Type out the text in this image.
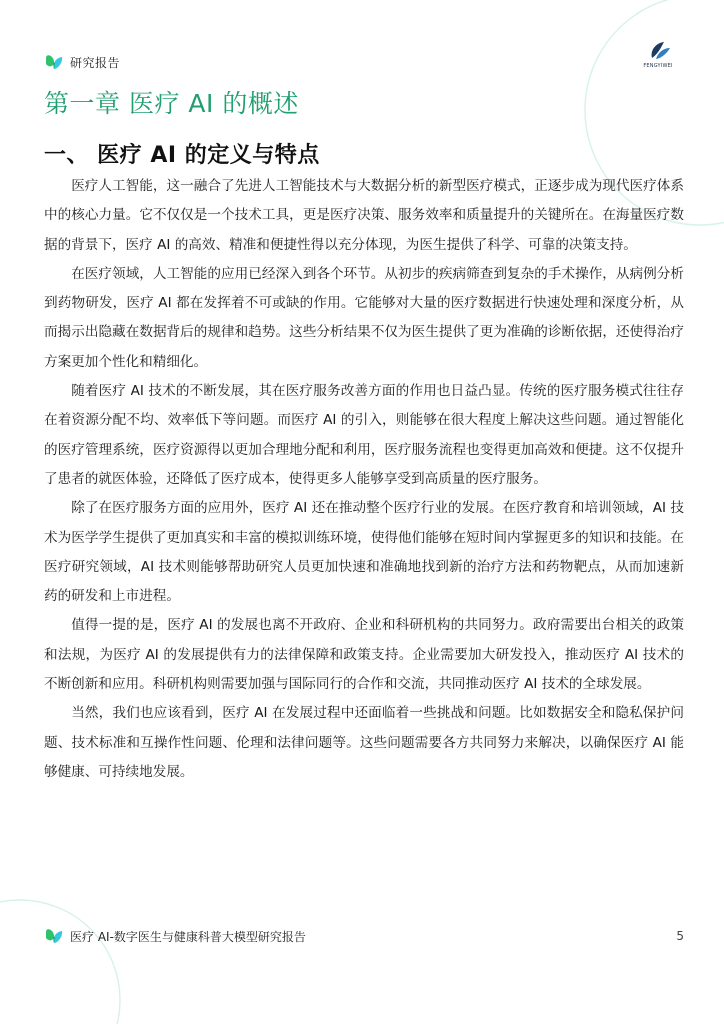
研究报告	FENGYIWEI
第一章 医疗 AI 的概述
一、 医疗 AI 的定义与特点

医疗人工智能，这一融合了先进人工智能技术与大数据分析的新型医疗模式，正逐步成为现代医疗体系中的核心力量。它不仅仅是一个技术工具，更是医疗决策、服务效率和质量提升的关键所在。在海量医疗数据的背景下，医疗 AI 的高效、精准和便捷性得以充分体现，为医生提供了科学、可靠的决策支持。

在医疗领域，人工智能的应用已经深入到各个环节。从初步的疾病筛查到复杂的手术操作，从病例分析到药物研发，医疗 AI 都在发挥着不可或缺的作用。它能够对大量的医疗数据进行快速处理和深度分析，从而揭示出隐藏在数据背后的规律和趋势。这些分析结果不仅为医生提供了更为准确的诊断依据，还使得治疗方案更加个性化和精细化。

随着医疗 AI 技术的不断发展，其在医疗服务改善方面的作用也日益凸显。传统的医疗服务模式往往存在着资源分配不均、效率低下等问题。而医疗 AI 的引入，则能够在很大程度上解决这些问题。通过智能化的医疗管理系统，医疗资源得以更加合理地分配和利用，医疗服务流程也变得更加高效和便捷。这不仅提升了患者的就医体验，还降低了医疗成本，使得更多人能够享受到高质量的医疗服务。

除了在医疗服务方面的应用外，医疗 AI 还在推动整个医疗行业的发展。在医疗教育和培训领域，AI 技术为医学学生提供了更加真实和丰富的模拟训练环境，使得他们能够在短时间内掌握更多的知识和技能。在医疗研究领域，AI 技术则能够帮助研究人员更加快速和准确地找到新的治疗方法和药物靶点，从而加速新药的研发和上市进程。

值得一提的是，医疗 AI 的发展也离不开政府、企业和科研机构的共同努力。政府需要出台相关的政策和法规，为医疗 AI 的发展提供有力的法律保障和政策支持。企业需要加大研发投入，推动医疗 AI 技术的不断创新和应用。科研机构则需要加强与国际同行的合作和交流，共同推动医疗 AI 技术的全球发展。

当然，我们也应该看到，医疗 AI 在发展过程中还面临着一些挑战和问题。比如数据安全和隐私保护问题、技术标准和互操作性问题、伦理和法律问题等。这些问题需要各方共同努力来解决，以确保医疗 AI 能够健康、可持续地发展。

医疗 AI-数字医生与健康科普大模型研究报告	5
